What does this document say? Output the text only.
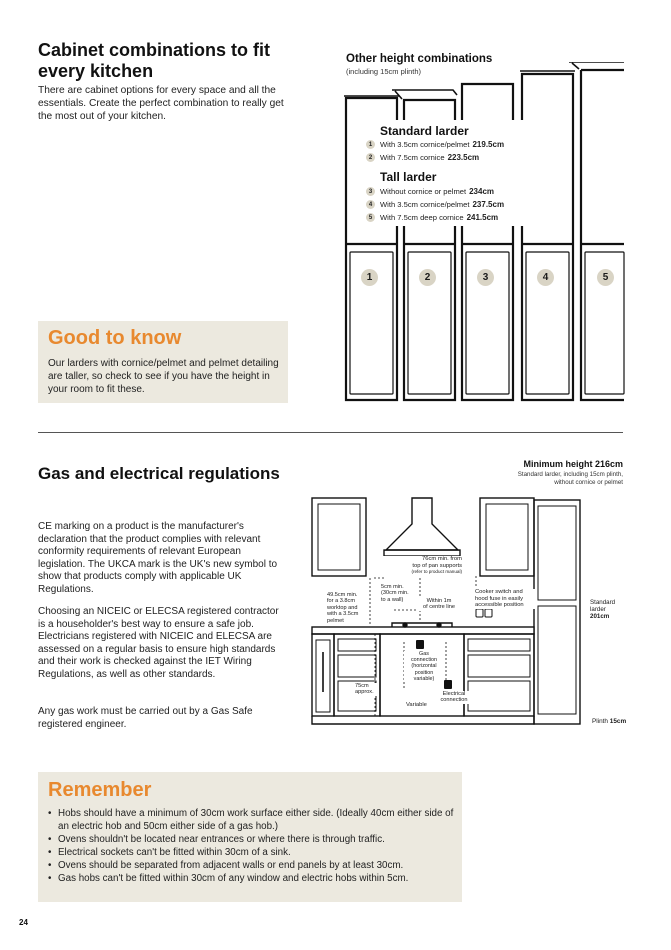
Cabinet combinations to fit every kitchen
There are cabinet options for every space and all the essentials. Create the perfect combination to really get the most out of your kitchen.
Good to know
Our larders with cornice/pelmet and pelmet detailing are taller, so check to see if you have the height in your room to fit these.
Other height combinations
(including 15cm plinth)
1	2	3	4	5
Standard larder
1	With 3.5cm cornice/pelmet 219.5cm
2	With 7.5cm cornice 223.5cm
Tall larder
3	Without cornice or pelmet 234cm
4	With 3.5cm cornice/pelmet 237.5cm
5	With 7.5cm deep cornice 241.5cm
Gas and electrical regulations
CE marking on a product is the manufacturer's declaration that the product complies with relevant conformity requirements of relevant European legislation. The UKCA mark is the UK's new symbol to show that products comply with applicable UK Regulations.
Choosing an NICEIC or ELECSA registered contractor is a householder's best way to ensure a safe job. Electricians registered with NICEIC and ELECSA are assessed on a regular basis to ensure high standards and their work is checked against the IET Wiring Regulations, as well as other standards.
Any gas work must be carried out by a Gas Safe registered engineer.
Minimum height 216cm
Standard larder, including 15cm plinth,
without cornice or pelmet
76cm min. from
top of pan supports
(refer to product manual)
49.5cm min.
for a 3.8cm
worktop and
with a 3.5cm
pelmet
5cm min.
(30cm min.
to a wall)	Within 1m
of centre line
Cooker switch and
hood fuse in easily
accessible position	Standard
larder
201cm
Gas
connection
(horizontal
position
variable)
75cm
approx.	Electrical
connection
Variable
Plinth 15cm
Remember
• Hobs should have a minimum of 30cm work surface either side. (Ideally 40cm either side of an electric hob and 50cm either side of a gas hob.)
• Ovens shouldn't be located near entrances or where there is through traffic.
• Electrical sockets can't be fitted within 30cm of a sink.
• Ovens should be separated from adjacent walls or end panels by at least 30cm.
• Gas hobs can't be fitted within 30cm of any window and electric hobs within 5cm.
24
